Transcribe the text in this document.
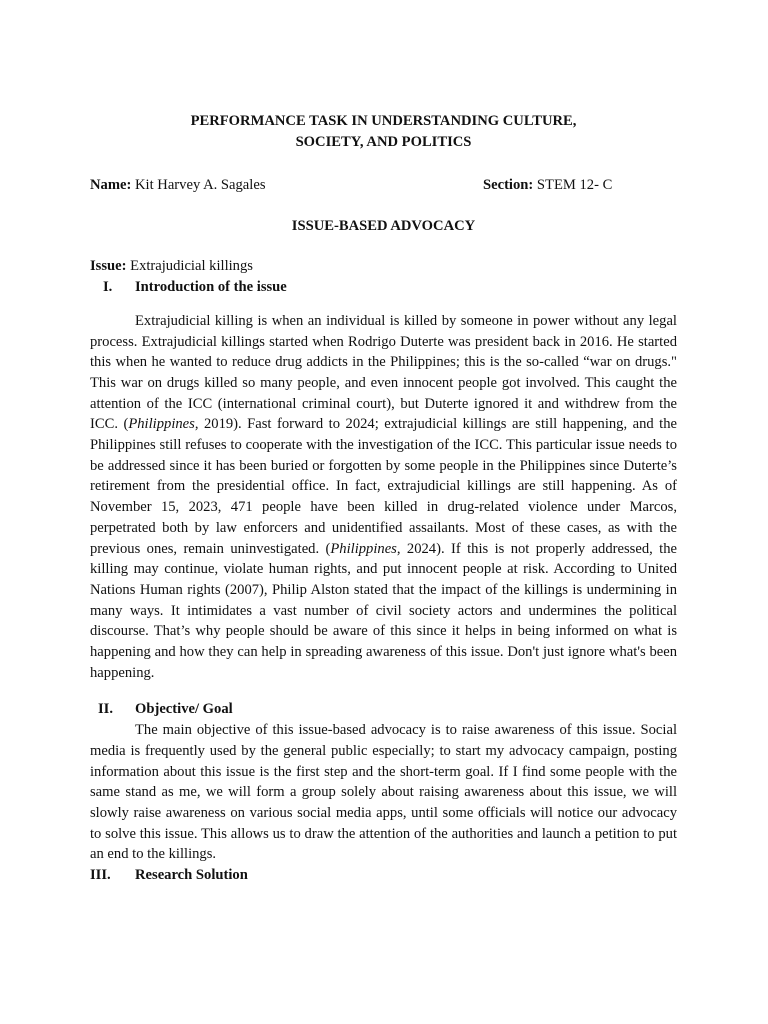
PERFORMANCE TASK IN UNDERSTANDING CULTURE,

SOCIETY, AND POLITICS

Name: Kit Harvey A. Sagales	Section: STEM 12- C
ISSUE-BASED ADVOCACY
Issue: Extrajudicial killings
I.	Introduction of the issue

Extrajudicial killing is when an individual is killed by someone in power without any legal process. Extrajudicial killings started when Rodrigo Duterte was president back in 2016. He started this when he wanted to reduce drug addicts in the Philippines; this is the so-called “war on drugs." This war on drugs killed so many people, and even innocent people got involved. This caught the attention of the ICC (international criminal court), but Duterte ignored it and withdrew from the ICC. (Philippines, 2019). Fast forward to 2024; extrajudicial killings are still happening, and the Philippines still refuses to cooperate with the investigation of the ICC. This particular issue needs to be addressed since it has been buried or forgotten by some people in the Philippines since Duterte’s retirement from the presidential office. In fact, extrajudicial killings are still happening. As of November 15, 2023, 471 people have been killed in drug-related violence under Marcos, perpetrated both by law enforcers and unidentified assailants. Most of these cases, as with the previous ones, remain uninvestigated. (Philippines, 2024). If this is not properly addressed, the killing may continue, violate human rights, and put innocent people at risk. According to United Nations Human rights (2007), Philip Alston stated that the impact of the killings is undermining in many ways. It intimidates a vast number of civil society actors and undermines the political discourse. That’s why people should be aware of this since it helps in being informed on what is happening and how they can help in spreading awareness of this issue. Don't just ignore what's been happening.

II.	Objective/ Goal

The main objective of this issue-based advocacy is to raise awareness of this issue. Social media is frequently used by the general public especially; to start my advocacy campaign, posting information about this issue is the first step and the short-term goal. If I find some people with the same stand as me, we will form a group solely about raising awareness about this issue, we will slowly raise awareness on various social media apps, until some officials will notice our advocacy to solve this issue. This allows us to draw the attention of the authorities and launch a petition to put an end to the killings.

III.	Research Solution
